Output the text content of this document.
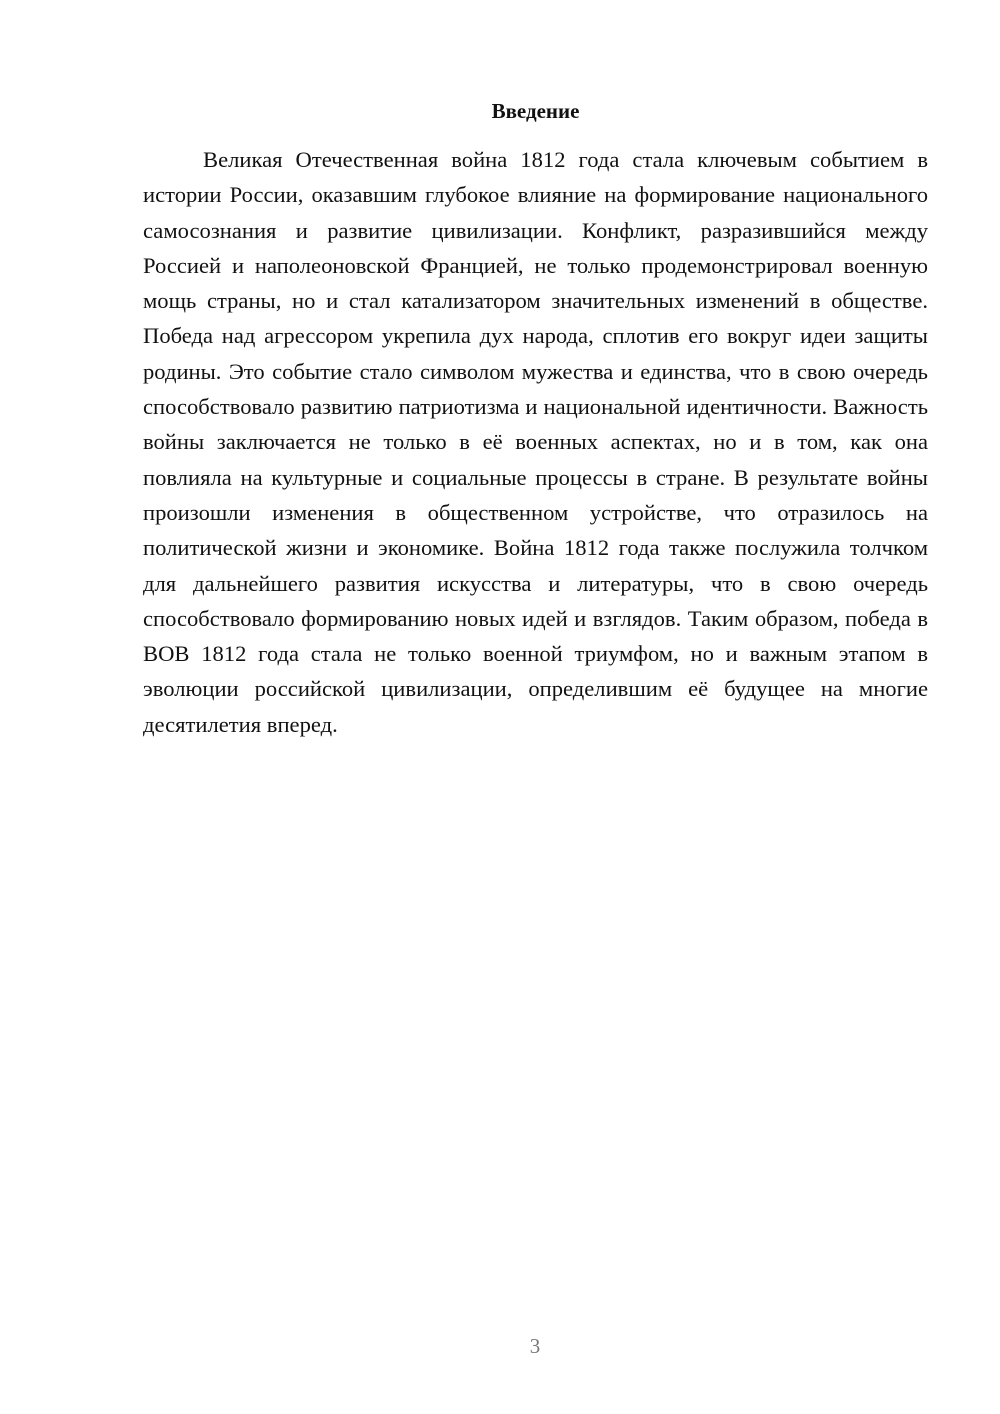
Введение

Великая Отечественная война 1812 года стала ключевым событием в истории России, оказавшим глубокое влияние на формирование национального самосознания и развитие цивилизации. Конфликт, разразившийся между Россией и наполеоновской Францией, не только продемонстрировал военную мощь страны, но и стал катализатором значительных изменений в обществе. Победа над агрессором укрепила дух народа, сплотив его вокруг идеи защиты родины. Это событие стало символом мужества и единства, что в свою очередь способствовало развитию патриотизма и национальной идентичности. Важность войны заключается не только в её военных аспектах, но и в том, как она повлияла на культурные и социальные процессы в стране. В результате войны произошли изменения в общественном устройстве, что отразилось на политической жизни и экономике. Война 1812 года также послужила толчком для дальнейшего развития искусства и литературы, что в свою очередь способствовало формированию новых идей и взглядов. Таким образом, победа в ВОВ 1812 года стала не только военной триумфом, но и важным этапом в эволюции российской цивилизации, определившим её будущее на многие десятилетия вперед.

3
